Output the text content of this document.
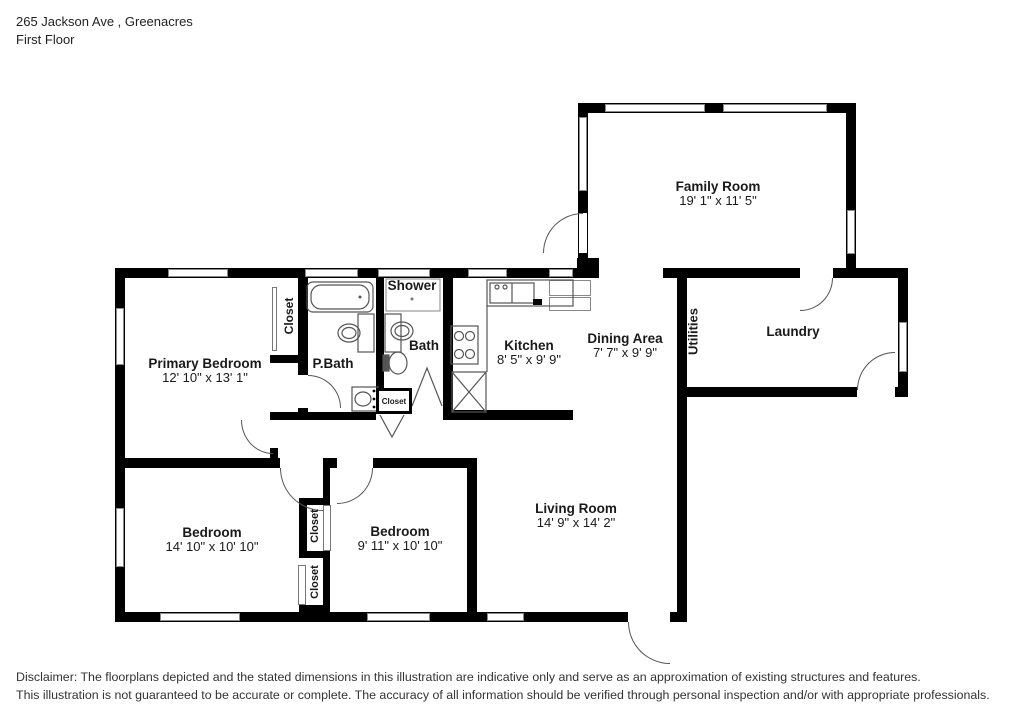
265 Jackson Ave , Greenacres
First Floor
Closet
Family Room
19' 1" x 11' 5"
Laundry
Utilities
Dining Area
7' 7" x 9' 9"
Kitchen
8' 5" x 9' 9"
Living Room
14' 9" x 14' 2"
Primary Bedroom
12' 10" x 13' 1"
Bedroom
14' 10" x 10' 10"
Bedroom
9' 11" x 10' 10"
P.Bath
Bath
Shower
Closet
Closet
Closet
Disclaimer: The floorplans depicted and the stated dimensions in this illustration are indicative only and serve as an approximation of existing structures and features.
This illustration is not guaranteed to be accurate or complete. The accuracy of all information should be verified through personal inspection and/or with appropriate professionals.
